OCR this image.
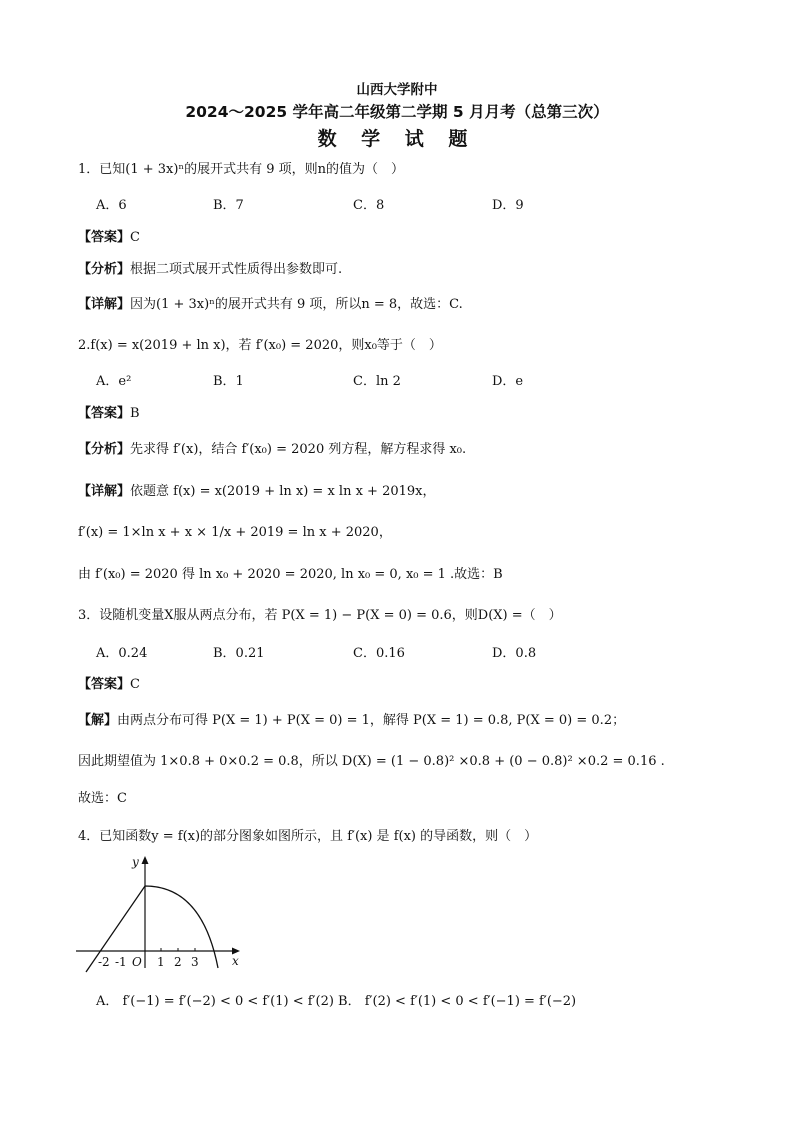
山西大学附中
2024～2025 学年高二年级第二学期 5 月月考（总第三次）
数 学 试 题
1．已知(1 + 3x)ⁿ的展开式共有 9 项，则n的值为（　）
A．6	B．7	C．8	D．9
【答案】C
【分析】根据二项式展开式性质得出参数即可.
【详解】因为(1 + 3x)ⁿ的展开式共有 9 项，所以n = 8，故选：C.
2.f(x) = x(2019 + ln x)，若 f′(x₀) = 2020，则x₀等于（　）
A．e²	B．1	C．ln 2	D．e
【答案】B
【分析】先求得 f′(x)，结合 f′(x₀) = 2020 列方程，解方程求得 x₀.
【详解】依题意 f(x) = x(2019 + ln x) = x ln x + 2019x，
f′(x) = 1×ln x + x × 1/x + 2019 = ln x + 2020，
由 f′(x₀) = 2020 得 ln x₀ + 2020 = 2020, ln x₀ = 0, x₀ = 1 .故选：B
3．设随机变量X服从两点分布，若 P(X = 1) − P(X = 0) = 0.6，则D(X) =（　）
A．0.24	B．0.21	C．0.16	D．0.8
【答案】C
【解】由两点分布可得 P(X = 1) + P(X = 0) = 1，解得 P(X = 1) = 0.8, P(X = 0) = 0.2；
因此期望值为 1×0.8 + 0×0.2 = 0.8，所以 D(X) = (1 − 0.8)² ×0.8 + (0 − 0.8)² ×0.2 = 0.16 .
故选：C
4．已知函数y = f(x)的部分图象如图所示，且 f′(x) 是 f(x) 的导函数，则（　）
y
x
O
-2 -1	1 2 3
A． f′(−1) = f′(−2) < 0 < f′(1) < f′(2) B． f′(2) < f′(1) < 0 < f′(−1) = f′(−2)
